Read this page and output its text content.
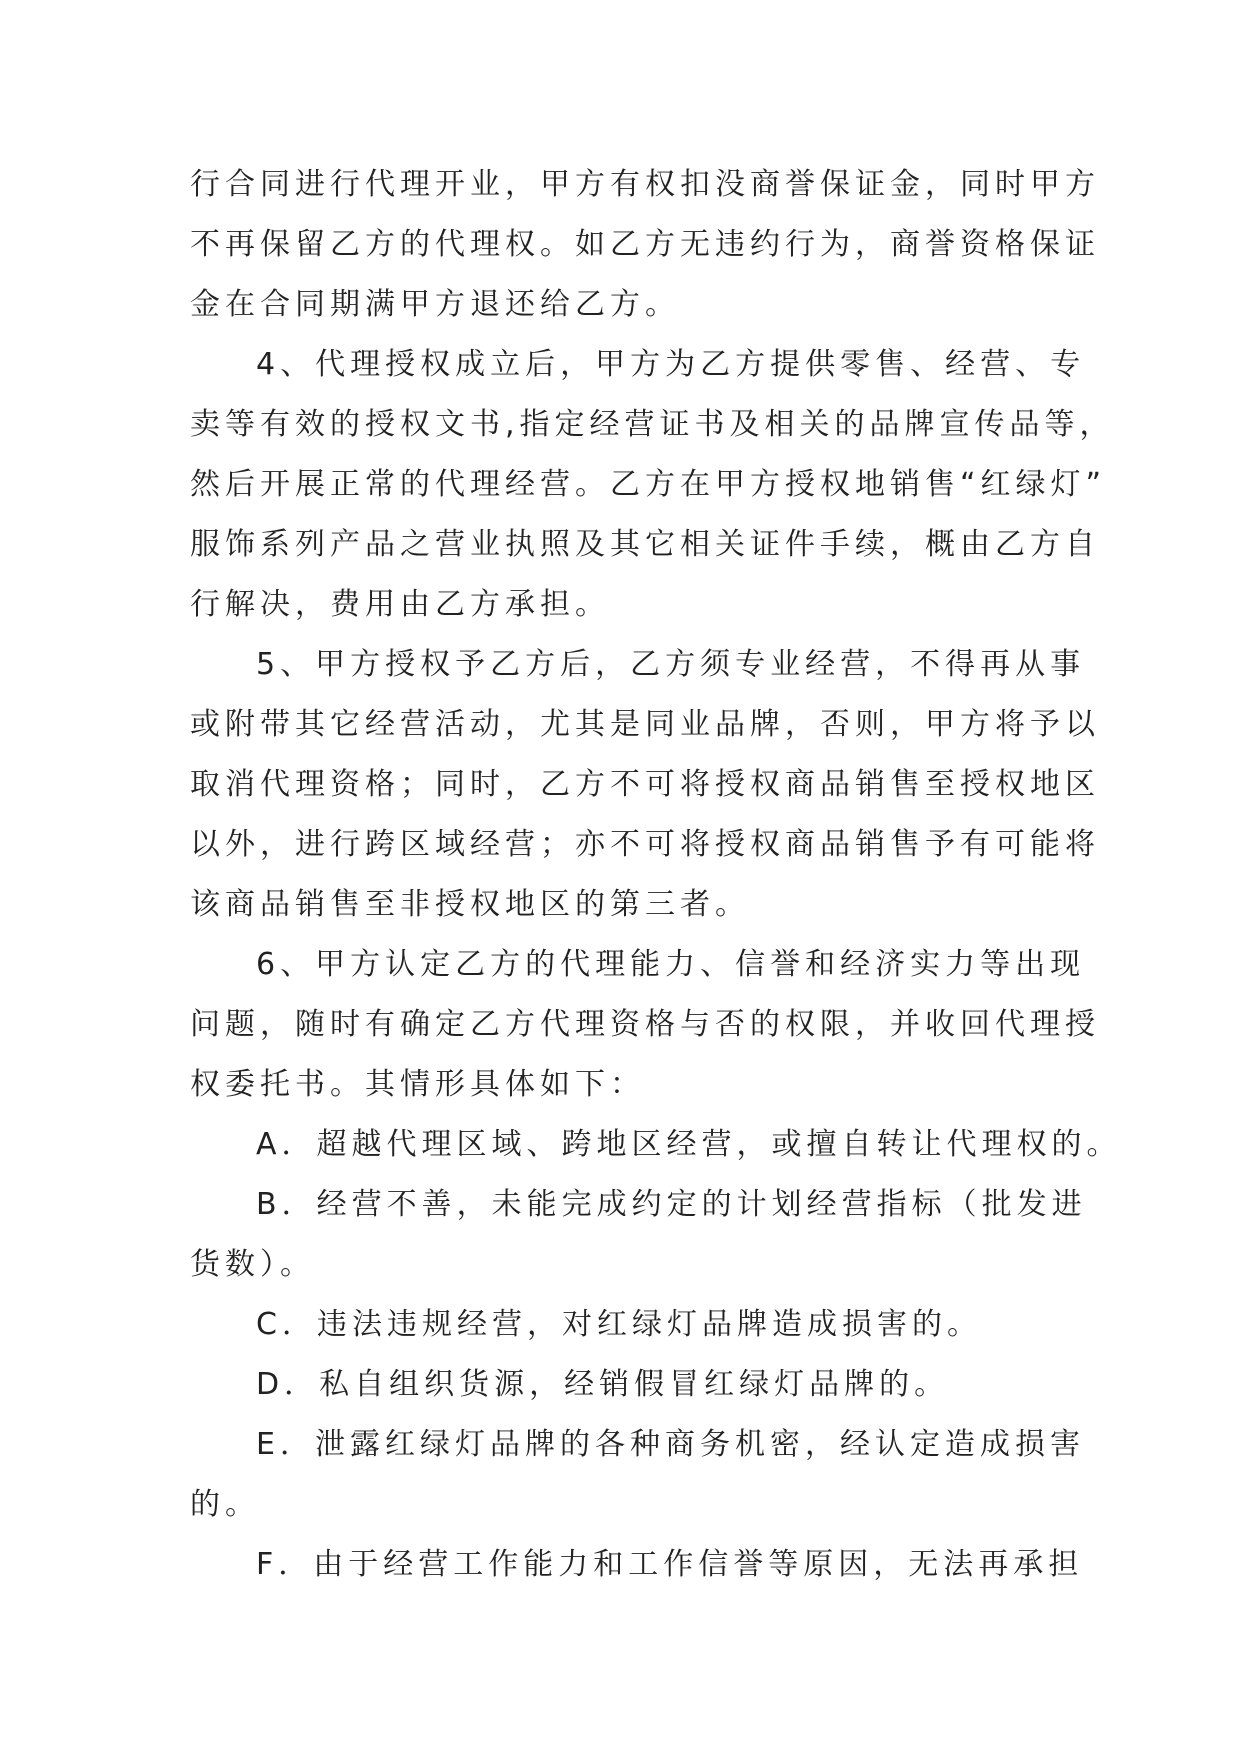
行合同进行代理开业，甲方有权扣没商誉保证金，同时甲方
不再保留乙方的代理权。如乙方无违约行为，商誉资格保证
金在合同期满甲方退还给乙方。
4、代理授权成立后，甲方为乙方提供零售、经营、专
卖等有效的授权文书,指定经营证书及相关的品牌宣传品等，
然后开展正常的代理经营。乙方在甲方授权地销售“红绿灯”
服饰系列产品之营业执照及其它相关证件手续，概由乙方自
行解决，费用由乙方承担。
5、甲方授权予乙方后，乙方须专业经营，不得再从事
或附带其它经营活动，尤其是同业品牌，否则，甲方将予以
取消代理资格；同时，乙方不可将授权商品销售至授权地区
以外，进行跨区域经营；亦不可将授权商品销售予有可能将
该商品销售至非授权地区的第三者。
6、甲方认定乙方的代理能力、信誉和经济实力等出现
问题，随时有确定乙方代理资格与否的权限，并收回代理授
权委托书。其情形具体如下：
A．超越代理区域、跨地区经营，或擅自转让代理权的。
B．经营不善，未能完成约定的计划经营指标（批发进
货数）。
C．违法违规经营，对红绿灯品牌造成损害的。
D．私自组织货源，经销假冒红绿灯品牌的。
E．泄露红绿灯品牌的各种商务机密，经认定造成损害
的。
F．由于经营工作能力和工作信誉等原因，无法再承担
